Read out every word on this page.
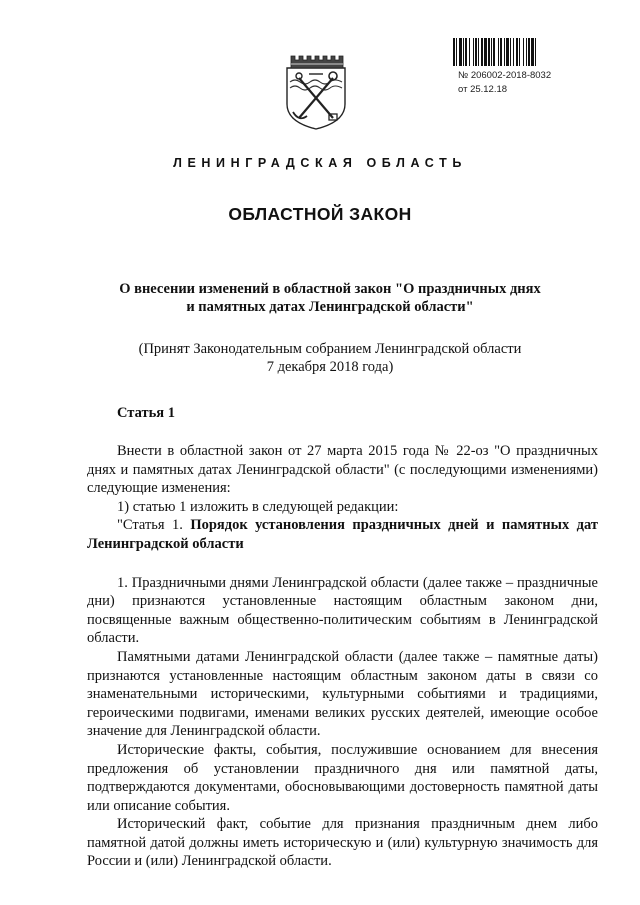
№ 206002-2018-8032
от 25.12.18
ЛЕНИНГРАДСКАЯ ОБЛАСТЬ
ОБЛАСТНОЙ ЗАКОН
О внесении изменений в областной закон "О праздничных днях
и памятных датах Ленинградской области"
(Принят Законодательным собранием Ленинградской области
7 декабря 2018 года)
Статья 1

Внести в областной закон от 27 марта 2015 года № 22-оз "О праздничных днях и памятных датах Ленинградской области" (с последующими изменениями) следующие изменения:

1) статью 1 изложить в следующей редакции:

"Статья 1. Порядок установления праздничных дней и памятных дат Ленинградской области

1. Праздничными днями Ленинградской области (далее также – праздничные дни) признаются установленные настоящим областным законом дни, посвященные важным общественно-политическим событиям в Ленинградской области.

Памятными датами Ленинградской области (далее также – памятные даты) признаются установленные настоящим областным законом даты в связи со знаменательными историческими, культурными событиями и традициями, героическими подвигами, именами великих русских деятелей, имеющие особое значение для Ленинградской области.

Исторические факты, события, послужившие основанием для внесения предложения об установлении праздничного дня или памятной даты, подтверждаются документами, обосновывающими достоверность памятной даты или описание события.

Исторический факт, событие для признания праздничным днем либо памятной датой должны иметь историческую и (или) культурную значимость для России и (или) Ленинградской области.
